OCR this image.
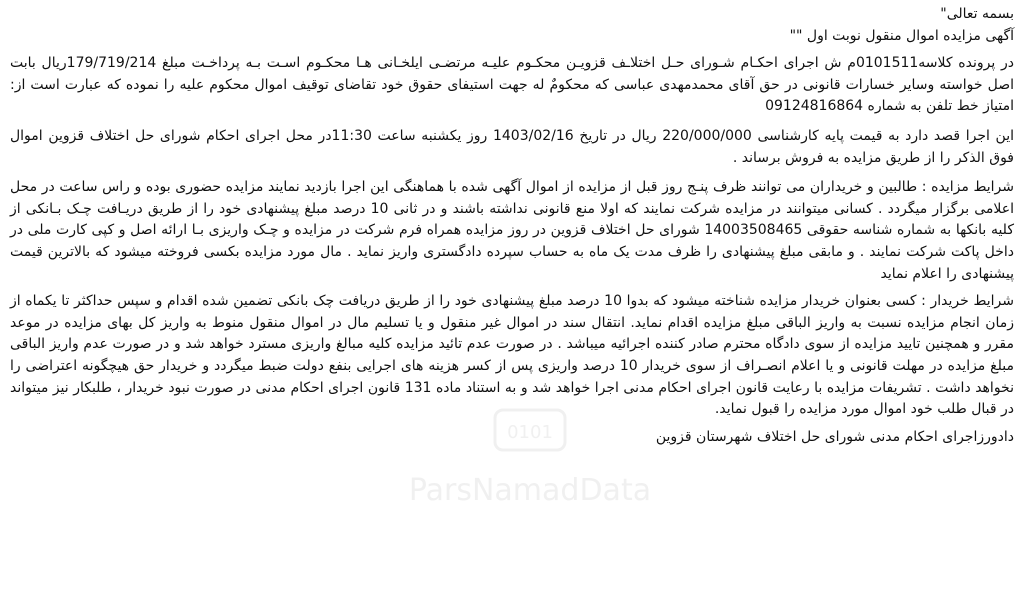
بسمه تعالی"

آگهی مزایده اموال منقول نوبت اول ""

در پرونده کلاسه0101511م ش اجرای احکـام شـورای حـل اختلاـف قزویـن محکـوم علیـه مرتضـی ایلخـانی هـا محکـوم اسـت بـه پرداخـت مبلغ 179/719/214ریال بابت اصل خواسته وسایر خسارات قانونی در حق آقای محمدمهدی عباسی که محکومٌ له جهت استیفای حقوق خود تقاضای توقیف اموال محکوم علیه را نموده که عبارت است از: امتیاز خط تلفن به شماره 09124816864

این اجرا قصد دارد به قیمت پایه کارشناسی 220/000/000 ریال در تاریخ 1403/02/16 روز یکشنبه ساعت 11:30در محل اجرای احکام شورای حل اختلاف قزوین اموال فوق الذکر را از طریق مزایده به فروش برساند .

شرایط مزایده : طالبین و خریداران می توانند ظرف پنـج روز قبل از مزایده از اموال آگهی شده با هماهنگی این اجرا بازدید نمایند مزایده حضوری بوده و راس ساعت در محل اعلامی برگزار میگردد . کسانی میتوانند در مزایده شرکت نمایند که اولا منع قانونی نداشته باشند و در ثانی 10 درصد مبلغ پیشنهادی خود را از طریق دریـافت چـک بـانکی از کلیه بانکها به شماره شناسه حقوقی 14003508465 شورای حل اختلاف قزوین در روز مزایده همراه فرم شرکت در مزایده و چـک واریزی بـا ارائه اصل و کپی کارت ملی در داخل پاکت شرکت نمایند . و مابقی مبلغ پیشنهادی را ظرف مدت یک ماه به حساب سپرده دادگستری واریز نماید . مال مورد مزایده بکسی فروخته میشود که بالاترین قیمت پیشنهادی را اعلام نماید

شرایط خریدار : کسی بعنوان خریدار مزایده شناخته میشود که بدوا 10 درصد مبلغ پیشنهادی خود را از طریق دریافت چک بانکی تضمین شده اقدام و سپس حداکثر تا یکماه از زمان انجام مزایده نسبت به واریز الباقی مبلغ مزایده اقدام نماید. انتقال سند در اموال غیر منقول و یا تسلیم مال در اموال منقول منوط به واریز کل بهای مزایده در موعد مقرر و همچنین تایید مزایده از سوی دادگاه محترم صادر کننده اجرائیه میباشد . در صورت عدم تائید مزایده کلیه مبالغ واریزی مسترد خواهد شد و در صورت عدم واریز الباقی مبلغ مزایده در مهلت قانونی و یا اعلام انصـراف از سوی خریدار 10 درصد واریزی پس از کسر هزینه های اجرایی بنفع دولت ضبط میگردد و خریدار حق هیچگونه اعتراضی را نخواهد داشت . تشریفات مزایده با رعایت قانون اجرای احکام مدنی اجرا خواهد شد و به استناد ماده 131 قانون اجرای احکام مدنی در صورت نبود خریدار ، طلبکار نیز میتواند در قبال طلب خود اموال مورد مزایده را قبول نماید.

دادورزاجرای احکام مدنی شورای حل اختلاف شهرستان قزوین

0101
ParsNamadData
